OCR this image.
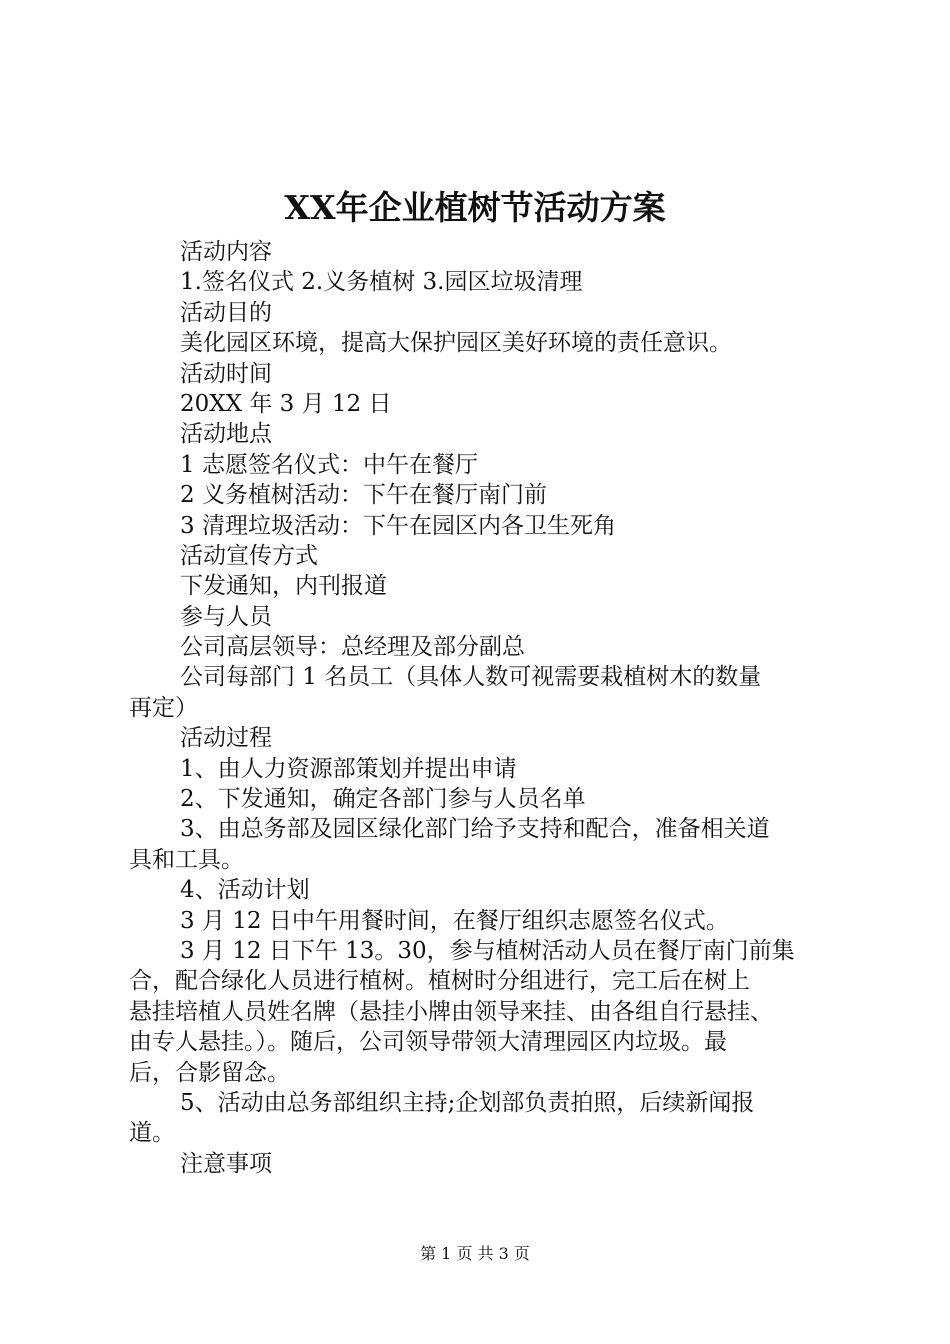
XX年企业植树节活动方案
活动内容
1.签名仪式 2.义务植树 3.园区垃圾清理
活动目的
美化园区环境，提高大保护园区美好环境的责任意识。
活动时间
20XX 年 3 月 12 日
活动地点
1 志愿签名仪式：中午在餐厅
2 义务植树活动：下午在餐厅南门前
3 清理垃圾活动：下午在园区内各卫生死角
活动宣传方式
下发通知，内刊报道
参与人员
公司高层领导：总经理及部分副总
公司每部门 1 名员工（具体人数可视需要栽植树木的数量
再定）
活动过程
1、由人力资源部策划并提出申请
2、下发通知，确定各部门参与人员名单
3、由总务部及园区绿化部门给予支持和配合，准备相关道
具和工具。
4、活动计划
3 月 12 日中午用餐时间，在餐厅组织志愿签名仪式。
3 月 12 日下午 13。30，参与植树活动人员在餐厅南门前集
合，配合绿化人员进行植树。植树时分组进行，完工后在树上
悬挂培植人员姓名牌（悬挂小牌由领导来挂、由各组自行悬挂、
由专人悬挂。）。随后，公司领导带领大清理园区内垃圾。最
后，合影留念。
5、活动由总务部组织主持;企划部负责拍照，后续新闻报
道。
注意事项
第 1 页 共 3 页
